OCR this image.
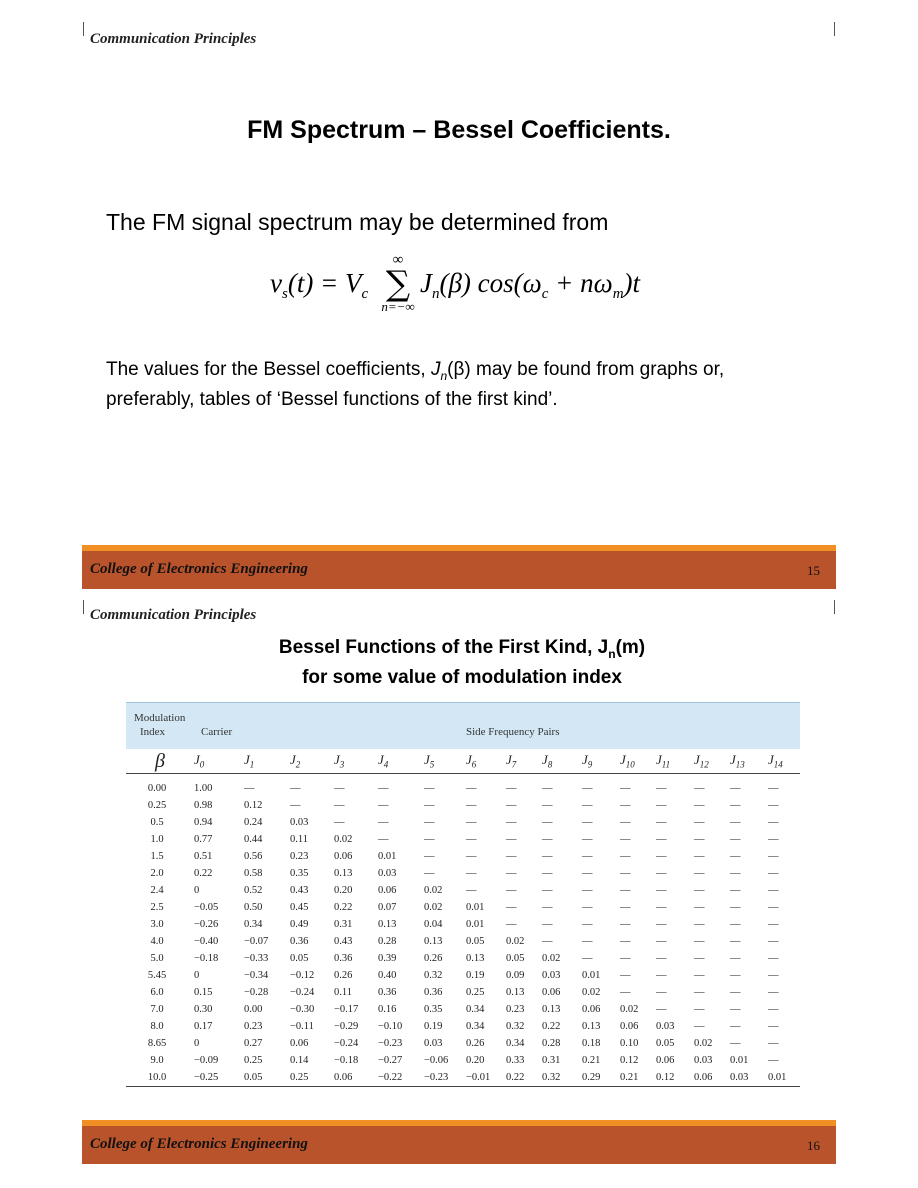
Communication Principles
FM Spectrum – Bessel Coefficients.
The FM signal spectrum may be determined from
$v_s(t) = V_c$
∞
∑
n=−∞
$J_n(\beta) \cos(\omega_c + n\omega_m)t$
The values for the Bessel coefficients, $J_n(\beta)$ may be found from graphs or, preferably, tables of ‘Bessel functions of the first kind’.
College of Electronics Engineering	15
Communication Principles
Bessel Functions of the First Kind, $J_n(m)$
for some value of modulation index
Modulation
Index	Carrier	Side Frequency Pairs
β	$J_0$	$J_1$	$J_2$	$J_3$	$J_4$	$J_5$	$J_6$	$J_7$	$J_8$	$J_9$	$J_{10}$	$J_{11}$	$J_{12}$	$J_{13}$	$J_{14}$
0.00	1.00	—	—	—	—	—	—	—	—	—	—	—	—	—	—
0.25	0.98	0.12	—	—	—	—	—	—	—	—	—	—	—	—	—
0.5	0.94	0.24	0.03	—	—	—	—	—	—	—	—	—	—	—	—
1.0	0.77	0.44	0.11	0.02	—	—	—	—	—	—	—	—	—	—	—
1.5	0.51	0.56	0.23	0.06	0.01	—	—	—	—	—	—	—	—	—	—
2.0	0.22	0.58	0.35	0.13	0.03	—	—	—	—	—	—	—	—	—	—
2.4	0	0.52	0.43	0.20	0.06	0.02	—	—	—	—	—	—	—	—	—
2.5	−0.05	0.50	0.45	0.22	0.07	0.02	0.01	—	—	—	—	—	—	—	—
3.0	−0.26	0.34	0.49	0.31	0.13	0.04	0.01	—	—	—	—	—	—	—	—
4.0	−0.40	−0.07	0.36	0.43	0.28	0.13	0.05	0.02	—	—	—	—	—	—	—
5.0	−0.18	−0.33	0.05	0.36	0.39	0.26	0.13	0.05	0.02	—	—	—	—	—	—
5.45	0	−0.34	−0.12	0.26	0.40	0.32	0.19	0.09	0.03	0.01	—	—	—	—	—
6.0	0.15	−0.28	−0.24	0.11	0.36	0.36	0.25	0.13	0.06	0.02	—	—	—	—	—
7.0	0.30	0.00	−0.30	−0.17	0.16	0.35	0.34	0.23	0.13	0.06	0.02	—	—	—	—
8.0	0.17	0.23	−0.11	−0.29	−0.10	0.19	0.34	0.32	0.22	0.13	0.06	0.03	—	—	—
8.65	0	0.27	0.06	−0.24	−0.23	0.03	0.26	0.34	0.28	0.18	0.10	0.05	0.02	—	—
9.0	−0.09	0.25	0.14	−0.18	−0.27	−0.06	0.20	0.33	0.31	0.21	0.12	0.06	0.03	0.01	—
10.0	−0.25	0.05	0.25	0.06	−0.22	−0.23	−0.01	0.22	0.32	0.29	0.21	0.12	0.06	0.03	0.01
College of Electronics Engineering	16
